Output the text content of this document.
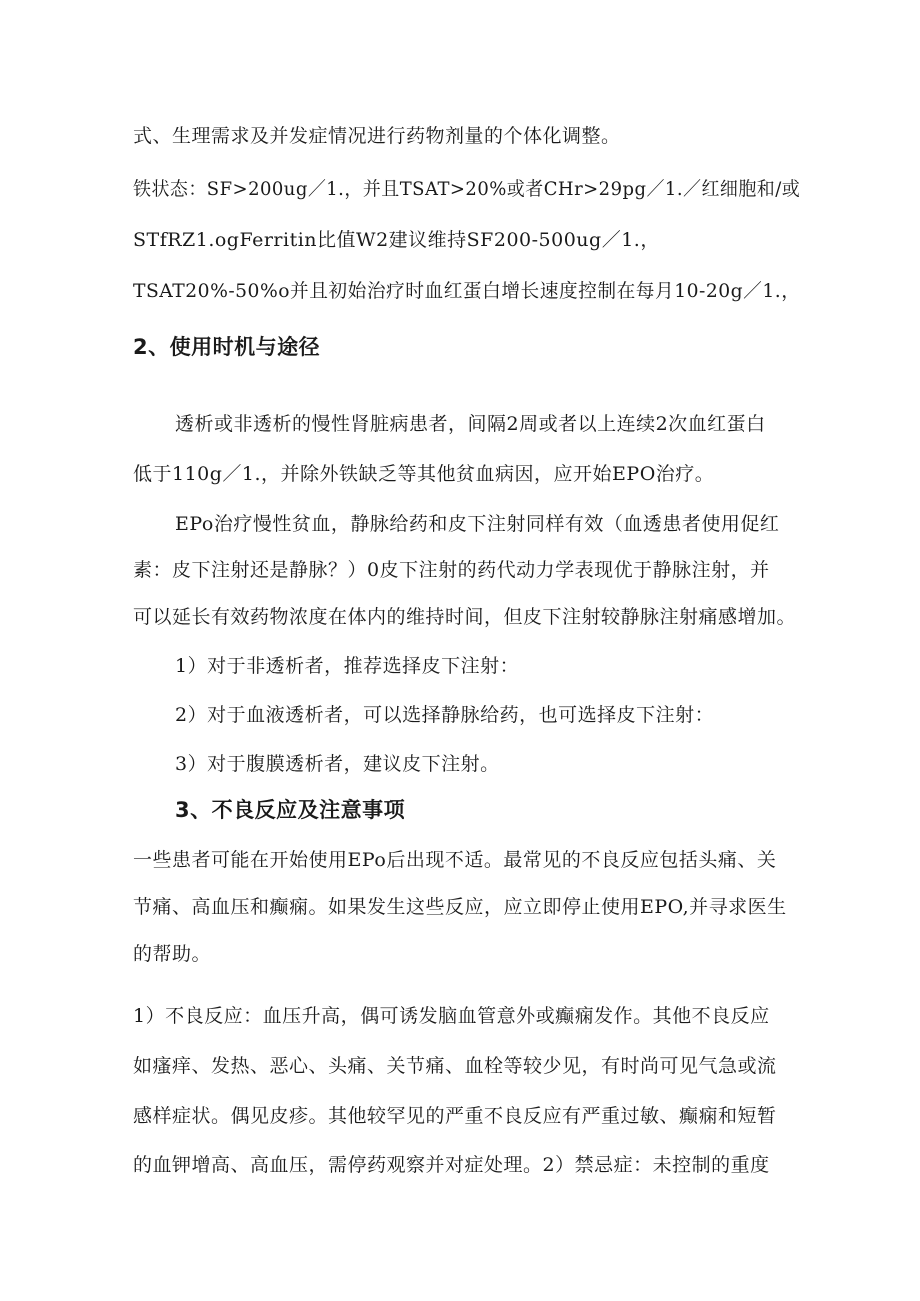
式、生理需求及并发症情况进行药物剂量的个体化调整。
铁状态：SF>200ug／1.，并且TSAT>20%或者CHr>29pg／1.／红细胞和/或
STfRZ1.ogFerritin比值W2建议维持SF200-500ug／1.，
TSAT20%-50%o并且初始治疗时血红蛋白增长速度控制在每月10-20g／1.，
2、使用时机与途径
透析或非透析的慢性肾脏病患者，间隔2周或者以上连续2次血红蛋白
低于110g／1.，并除外铁缺乏等其他贫血病因，应开始EPO治疗。
EPo治疗慢性贫血，静脉给药和皮下注射同样有效（血透患者使用促红
素：皮下注射还是静脉？）0皮下注射的药代动力学表现优于静脉注射，并
可以延长有效药物浓度在体内的维持时间，但皮下注射较静脉注射痛感增加。
1）对于非透析者，推荐选择皮下注射：
2）对于血液透析者，可以选择静脉给药，也可选择皮下注射：
3）对于腹膜透析者，建议皮下注射。
3、不良反应及注意事项
一些患者可能在开始使用EPo后出现不适。最常见的不良反应包括头痛、关
节痛、高血压和癫痫。如果发生这些反应，应立即停止使用EPO,并寻求医生
的帮助。
1）不良反应：血压升高，偶可诱发脑血管意外或癫痫发作。其他不良反应
如瘙痒、发热、恶心、头痛、关节痛、血栓等较少见，有时尚可见气急或流
感样症状。偶见皮疹。其他较罕见的严重不良反应有严重过敏、癫痫和短暂
的血钾增高、高血压，需停药观察并对症处理。2）禁忌症：未控制的重度
